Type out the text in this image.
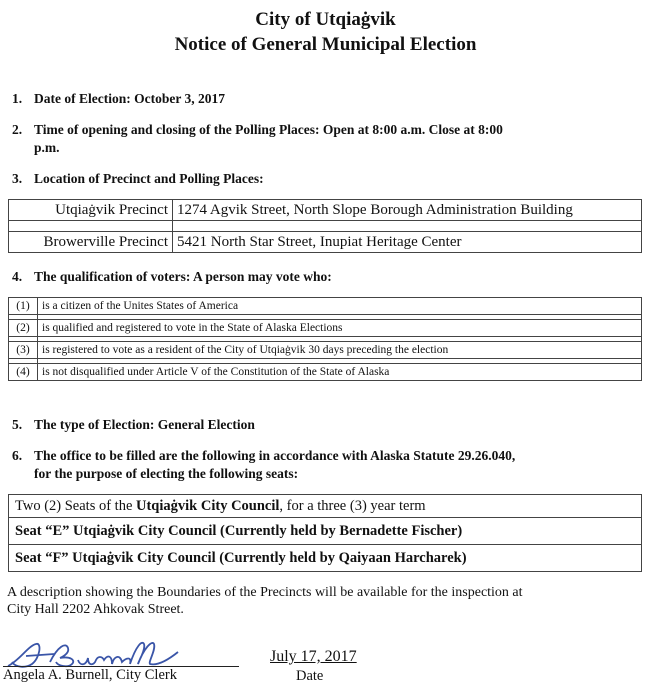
City of Utqiaġvik
Notice of General Municipal Election
1. Date of Election: October 3, 2017
2. Time of opening and closing of the Polling Places: Open at 8:00 a.m. Close at 8:00
p.m.
3. Location of Precinct and Polling Places:
Utqiaġvik Precinct	1274 Agvik Street, North Slope Borough Administration Building

Browerville Precinct	5421 North Star Street, Inupiat Heritage Center
4. The qualification of voters: A person may vote who:
(1)	is a citizen of the Unites States of America

(2)	is qualified and registered to vote in the State of Alaska Elections

(3)	is registered to vote as a resident of the City of Utqiaġvik 30 days preceding the election

(4)	is not disqualified under Article V of the Constitution of the State of Alaska
5. The type of Election: General Election
6. The office to be filled are the following in accordance with Alaska Statute 29.26.040,
for the purpose of electing the following seats:
Two (2) Seats of the Utqiaġvik City Council, for a three (3) year term
Seat “E” Utqiaġvik City Council (Currently held by Bernadette Fischer)
Seat “F” Utqiaġvik City Council (Currently held by Qaiyaan Harcharek)
A description showing the Boundaries of the Precincts will be available for the inspection at
City Hall 2202 Ahkovak Street.
Angela A. Burnell, City Clerk
July 17, 2017
Date
